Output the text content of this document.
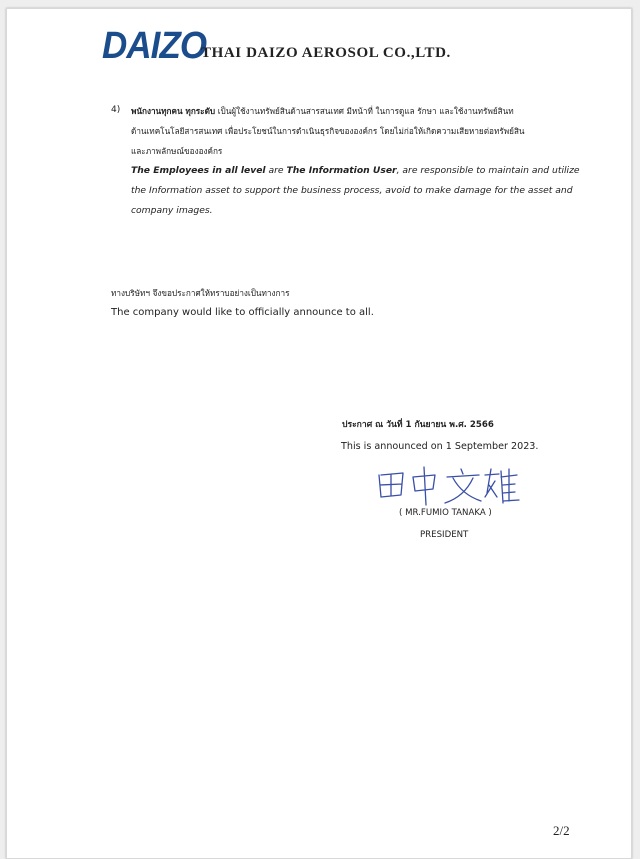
DAIZO
THAI DAIZO AEROSOL CO.,LTD.
4) พนักงานทุกคน ทุกระดับ เป็นผู้ใช้งานทรัพย์สินด้านสารสนเทศ มีหน้าที่ ในการดูแล รักษา และใช้งานทรัพย์สินท
ด้านเทคโนโลยีสารสนเทศ เพื่อประโยชน์ในการดำเนินธุรกิจขององค์กร โดยไม่ก่อให้เกิดความเสียหายต่อทรัพย์สิน
และภาพลักษณ์ขององค์กร
The Employees in all level are The Information User, are responsible to maintain and utilize
the Information asset to support the business process, avoid to make damage for the asset and
company images.
ทางบริษัทฯ จึงขอประกาศให้ทราบอย่างเป็นทางการ
The company would like to officially announce to all.
ประกาศ ณ วันที่ 1 กันยายน พ.ศ. 2566
This is announced on 1 September 2023.
( MR.FUMIO TANAKA )
PRESIDENT
2/2
